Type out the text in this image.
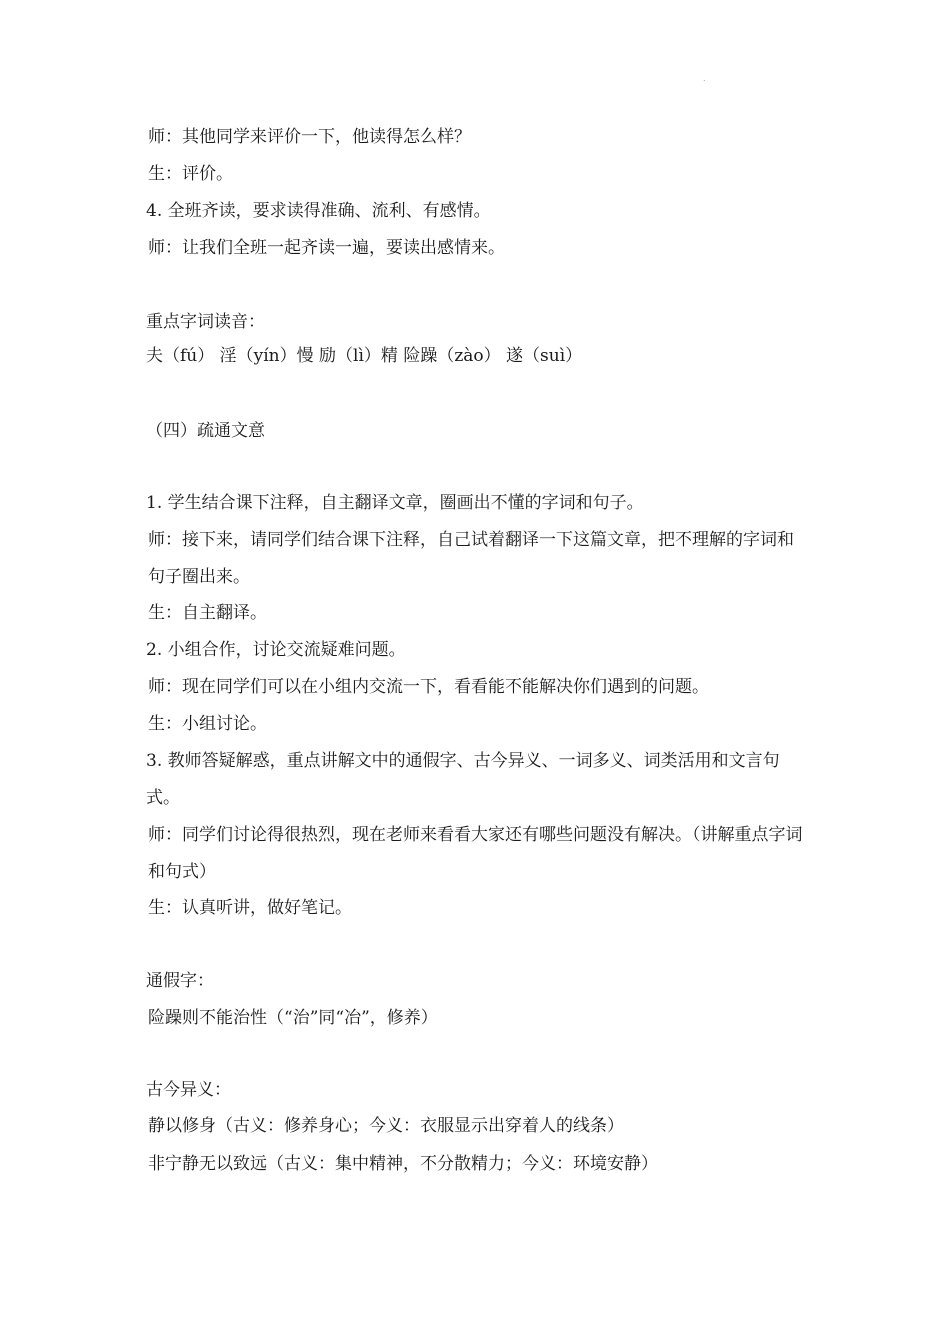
.
师：其他同学来评价一下，他读得怎么样？
生：评价。
4. 全班齐读，要求读得准确、流利、有感情。
师：让我们全班一起齐读一遍，要读出感情来。
重点字词读音：
夫（fú） 淫（yín）慢 励（lì）精 险躁（zào） 遂（suì）
（四）疏通文意
1. 学生结合课下注释，自主翻译文章，圈画出不懂的字词和句子。
师：接下来，请同学们结合课下注释，自己试着翻译一下这篇文章，把不理解的字词和句子圈出来。
生：自主翻译。
2. 小组合作，讨论交流疑难问题。
师：现在同学们可以在小组内交流一下，看看能不能解决你们遇到的问题。
生：小组讨论。
3. 教师答疑解惑，重点讲解文中的通假字、古今异义、一词多义、词类活用和文言句式。
师：同学们讨论得很热烈，现在老师来看看大家还有哪些问题没有解决。（讲解重点字词和句式）
生：认真听讲，做好笔记。
通假字：
险躁则不能治性（“治”同“冶”，修养）
古今异义：
静以修身（古义：修养身心；今义：衣服显示出穿着人的线条）
非宁静无以致远（古义：集中精神，不分散精力；今义：环境安静）
